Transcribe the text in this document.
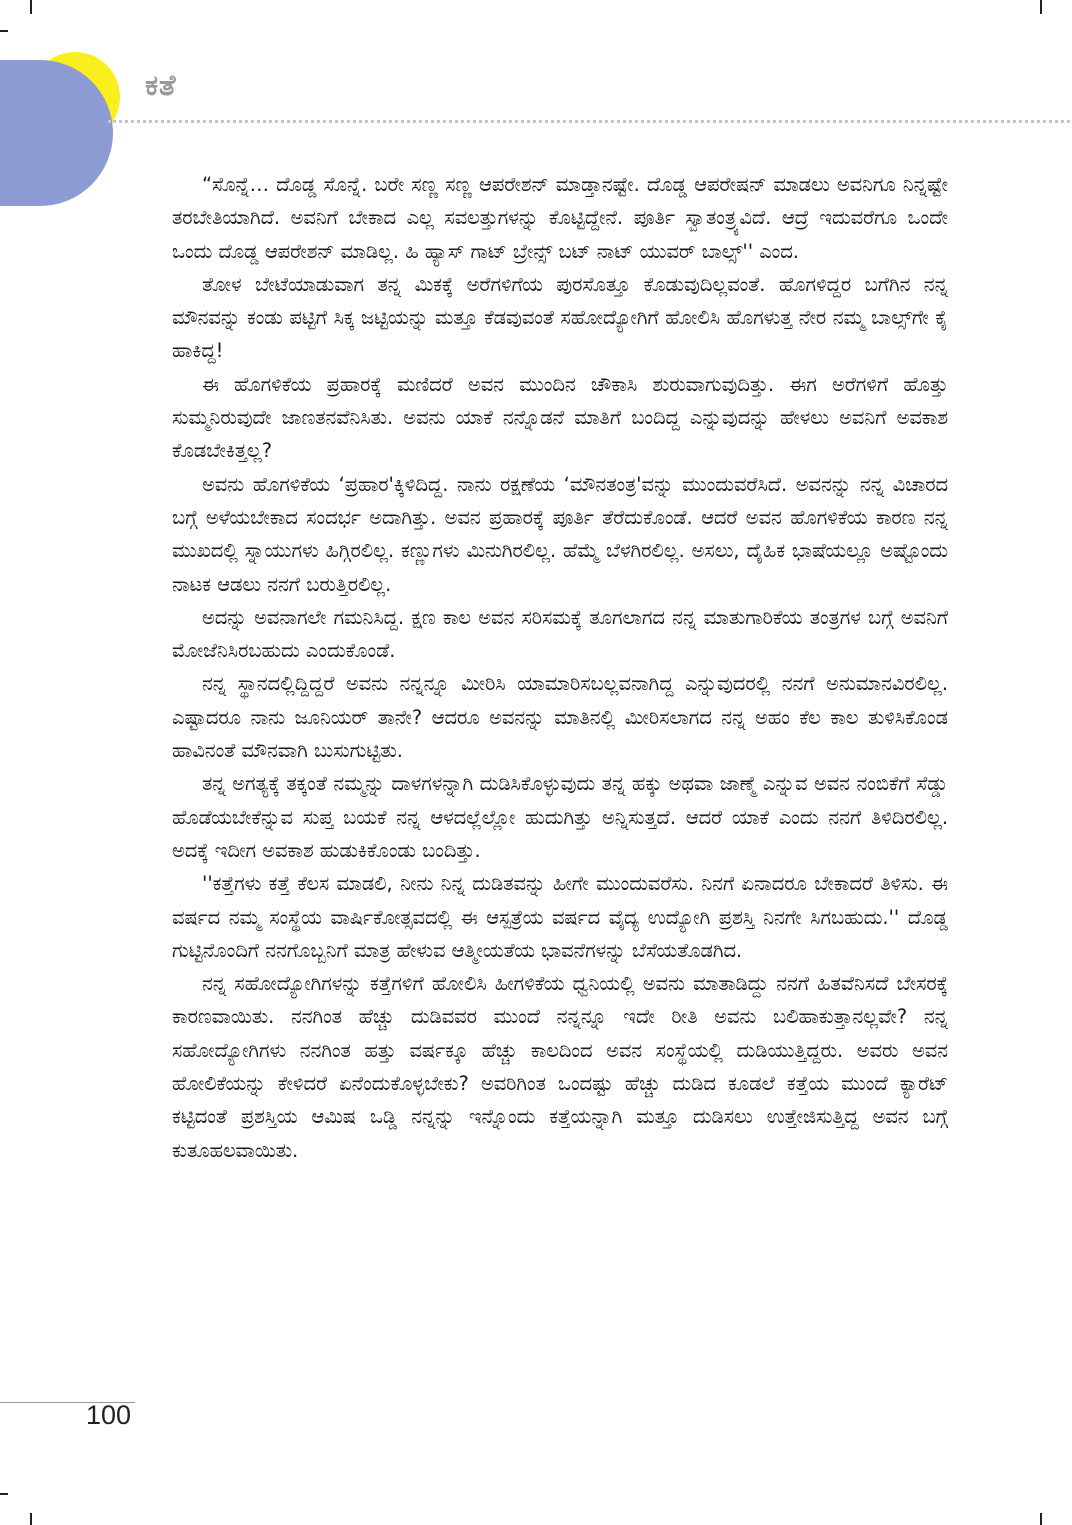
ಕತೆ

“ಸೊನ್ನೆ… ದೊಡ್ಡ ಸೊನ್ನೆ. ಬರೇ ಸಣ್ಣ ಸಣ್ಣ ಆಪರೇಶನ್ ಮಾಡ್ತಾನಷ್ಟೇ. ದೊಡ್ಡ ಆಪರೇಷನ್ ಮಾಡಲು ಅವನಿಗೂ ನಿನ್ನಷ್ಟೇ ತರಬೇತಿಯಾಗಿದೆ. ಅವನಿಗೆ ಬೇಕಾದ ಎಲ್ಲ ಸವಲತ್ತುಗಳನ್ನು ಕೊಟ್ಟಿದ್ದೇನೆ. ಪೂರ್ತಿ ಸ್ವಾತಂತ್ರ್ಯವಿದೆ. ಆದ್ರೆ ಇದುವರೆಗೂ ಒಂದೇ ಒಂದು ದೊಡ್ಡ ಆಪರೇಶನ್ ಮಾಡಿಲ್ಲ. ಹಿ ಹ್ಯಾಸ್ ಗಾಟ್ ಬ್ರೇನ್ಸ್ ಬಟ್ ನಾಟ್ ಯುವರ್ ಬಾಲ್ಸ್'' ಎಂದ.

ತೋಳ ಬೇಟೆಯಾಡುವಾಗ ತನ್ನ ಮಿಕಕ್ಕೆ ಅರೆಗಳಿಗೆಯ ಪುರಸೊತ್ತೂ ಕೊಡುವುದಿಲ್ಲವಂತೆ. ಹೊಗಳಿದ್ದರ ಬಗೆಗಿನ ನನ್ನ ಮೌನವನ್ನು ಕಂಡು ಪಟ್ಟಿಗೆ ಸಿಕ್ಕ ಜಟ್ಟಿಯನ್ನು ಮತ್ತೂ ಕೆಡವುವಂತೆ ಸಹೋದ್ಯೋಗಿಗೆ ಹೋಲಿಸಿ ಹೊಗಳುತ್ತ ನೇರ ನಮ್ಮ ಬಾಲ್ಸ್‌ಗೇ ಕೈ ಹಾಕಿದ್ದ!

ಈ ಹೊಗಳಿಕೆಯ ಪ್ರಹಾರಕ್ಕೆ ಮಣಿದರೆ ಅವನ ಮುಂದಿನ ಚೌಕಾಸಿ ಶುರುವಾಗುವುದಿತ್ತು. ಈಗ ಅರೆಗಳಿಗೆ ಹೊತ್ತು ಸುಮ್ಮನಿರುವುದೇ ಜಾಣತನವೆನಿಸಿತು. ಅವನು ಯಾಕೆ ನನ್ನೊಡನೆ ಮಾತಿಗೆ ಬಂದಿದ್ದ ಎನ್ನುವುದನ್ನು ಹೇಳಲು ಅವನಿಗೆ ಅವಕಾಶ ಕೊಡಬೇಕಿತ್ತಲ್ಲ?

ಅವನು ಹೊಗಳಿಕೆಯ ‘ಪ್ರಹಾರ'ಕ್ಕಿಳಿದಿದ್ದ. ನಾನು ರಕ್ಷಣೆಯ ‘ಮೌನತಂತ್ರ'ವನ್ನು ಮುಂದುವರೆಸಿದೆ. ಅವನನ್ನು ನನ್ನ ವಿಚಾರದ ಬಗ್ಗೆ ಅಳೆಯಬೇಕಾದ ಸಂದರ್ಭ ಅದಾಗಿತ್ತು. ಅವನ ಪ್ರಹಾರಕ್ಕೆ ಪೂರ್ತಿ ತೆರೆದುಕೊಂಡೆ. ಆದರೆ ಅವನ ಹೊಗಳಿಕೆಯ ಕಾರಣ ನನ್ನ ಮುಖದಲ್ಲಿ ಸ್ನಾಯುಗಳು ಹಿಗ್ಗಿರಲಿಲ್ಲ. ಕಣ್ಣುಗಳು ಮಿನುಗಿರಲಿಲ್ಲ. ಹೆಮ್ಮೆ ಬೆಳಗಿರಲಿಲ್ಲ. ಅಸಲು, ದೈಹಿಕ ಭಾಷೆಯಲ್ಲೂ ಅಷ್ಟೊಂದು ನಾಟಕ ಆಡಲು ನನಗೆ ಬರುತ್ತಿರಲಿಲ್ಲ.

ಅದನ್ನು ಅವನಾಗಲೇ ಗಮನಿಸಿದ್ದ. ಕ್ಷಣ ಕಾಲ ಅವನ ಸರಿಸಮಕ್ಕೆ ತೂಗಲಾಗದ ನನ್ನ ಮಾತುಗಾರಿಕೆಯ ತಂತ್ರಗಳ ಬಗ್ಗೆ ಅವನಿಗೆ ಮೋಜೆನಿಸಿರಬಹುದು ಎಂದುಕೊಂಡೆ.

ನನ್ನ ಸ್ಥಾನದಲ್ಲಿದ್ದಿದ್ದರೆ ಅವನು ನನ್ನನ್ನೂ ಮೀರಿಸಿ ಯಾಮಾರಿಸಬಲ್ಲವನಾಗಿದ್ದ ಎನ್ನುವುದರಲ್ಲಿ ನನಗೆ ಅನುಮಾನವಿರಲಿಲ್ಲ. ಎಷ್ಟಾದರೂ ನಾನು ಜೂನಿಯರ್ ತಾನೇ? ಆದರೂ ಅವನನ್ನು ಮಾತಿನಲ್ಲಿ ಮೀರಿಸಲಾಗದ ನನ್ನ ಅಹಂ ಕೆಲ ಕಾಲ ತುಳಿಸಿಕೊಂಡ ಹಾವಿನಂತೆ ಮೌನವಾಗಿ ಬುಸುಗುಟ್ಟಿತು.

ತನ್ನ ಅಗತ್ಯಕ್ಕೆ ತಕ್ಕಂತೆ ನಮ್ಮನ್ನು ದಾಳಗಳನ್ನಾಗಿ ದುಡಿಸಿಕೊಳ್ಳುವುದು ತನ್ನ ಹಕ್ಕು ಅಥವಾ ಜಾಣ್ಮೆ ಎನ್ನುವ ಅವನ ನಂಬಿಕೆಗೆ ಸೆಡ್ಡು ಹೊಡೆಯಬೇಕೆನ್ನುವ ಸುಪ್ತ ಬಯಕೆ ನನ್ನ ಆಳದಲ್ಲೆಲ್ಲೋ ಹುದುಗಿತ್ತು ಅನ್ನಿಸುತ್ತದೆ. ಆದರೆ ಯಾಕೆ ಎಂದು ನನಗೆ ತಿಳಿದಿರಲಿಲ್ಲ. ಅದಕ್ಕೆ ಇದೀಗ ಅವಕಾಶ ಹುಡುಕಿಕೊಂಡು ಬಂದಿತ್ತು.

''ಕತ್ತೆಗಳು ಕತ್ತೆ ಕೆಲಸ ಮಾಡಲಿ, ನೀನು ನಿನ್ನ ದುಡಿತವನ್ನು ಹೀಗೇ ಮುಂದುವರೆಸು. ನಿನಗೆ ಏನಾದರೂ ಬೇಕಾದರೆ ತಿಳಿಸು. ಈ ವರ್ಷದ ನಮ್ಮ ಸಂಸ್ಥೆಯ ವಾರ್ಷಿಕೋತ್ಸವದಲ್ಲಿ ಈ ಆಸ್ಪತ್ರೆಯ ವರ್ಷದ ವೈದ್ಯ ಉದ್ಯೋಗಿ ಪ್ರಶಸ್ತಿ ನಿನಗೇ ಸಿಗಬಹುದು.'' ದೊಡ್ಡ ಗುಟ್ಟಿನೊಂದಿಗೆ ನನಗೊಬ್ಬನಿಗೆ ಮಾತ್ರ ಹೇಳುವ ಆತ್ಮೀಯತೆಯ ಭಾವನೆಗಳನ್ನು ಬೆಸೆಯತೊಡಗಿದ.

ನನ್ನ ಸಹೋದ್ಯೋಗಿಗಳನ್ನು ಕತ್ತೆಗಳಿಗೆ ಹೋಲಿಸಿ ಹೀಗಳಿಕೆಯ ಧ್ವನಿಯಲ್ಲಿ ಅವನು ಮಾತಾಡಿದ್ದು ನನಗೆ ಹಿತವೆನಿಸದೆ ಬೇಸರಕ್ಕೆ ಕಾರಣವಾಯಿತು. ನನಗಿಂತ ಹೆಚ್ಚು ದುಡಿವವರ ಮುಂದೆ ನನ್ನನ್ನೂ ಇದೇ ರೀತಿ ಅವನು ಬಲಿಹಾಕುತ್ತಾನಲ್ಲವೇ? ನನ್ನ ಸಹೋದ್ಯೋಗಿಗಳು ನನಗಿಂತ ಹತ್ತು ವರ್ಷಕ್ಕೂ ಹೆಚ್ಚು ಕಾಲದಿಂದ ಅವನ ಸಂಸ್ಥೆಯಲ್ಲಿ ದುಡಿಯುತ್ತಿದ್ದರು. ಅವರು ಅವನ ಹೋಲಿಕೆಯನ್ನು ಕೇಳಿದರೆ ಏನೆಂದುಕೊಳ್ಳಬೇಕು? ಅವರಿಗಿಂತ ಒಂದಷ್ಟು ಹೆಚ್ಚು ದುಡಿದ ಕೂಡಲೆ ಕತ್ತೆಯ ಮುಂದೆ ಕ್ಯಾರೆಟ್ ಕಟ್ಟಿದಂತೆ ಪ್ರಶಸ್ತಿಯ ಆಮಿಷ ಒಡ್ಡಿ ನನ್ನನ್ನು ಇನ್ನೊಂದು ಕತ್ತೆಯನ್ನಾಗಿ ಮತ್ತೂ ದುಡಿಸಲು ಉತ್ತೇಜಿಸುತ್ತಿದ್ದ ಅವನ ಬಗ್ಗೆ ಕುತೂಹಲವಾಯಿತು.

100
